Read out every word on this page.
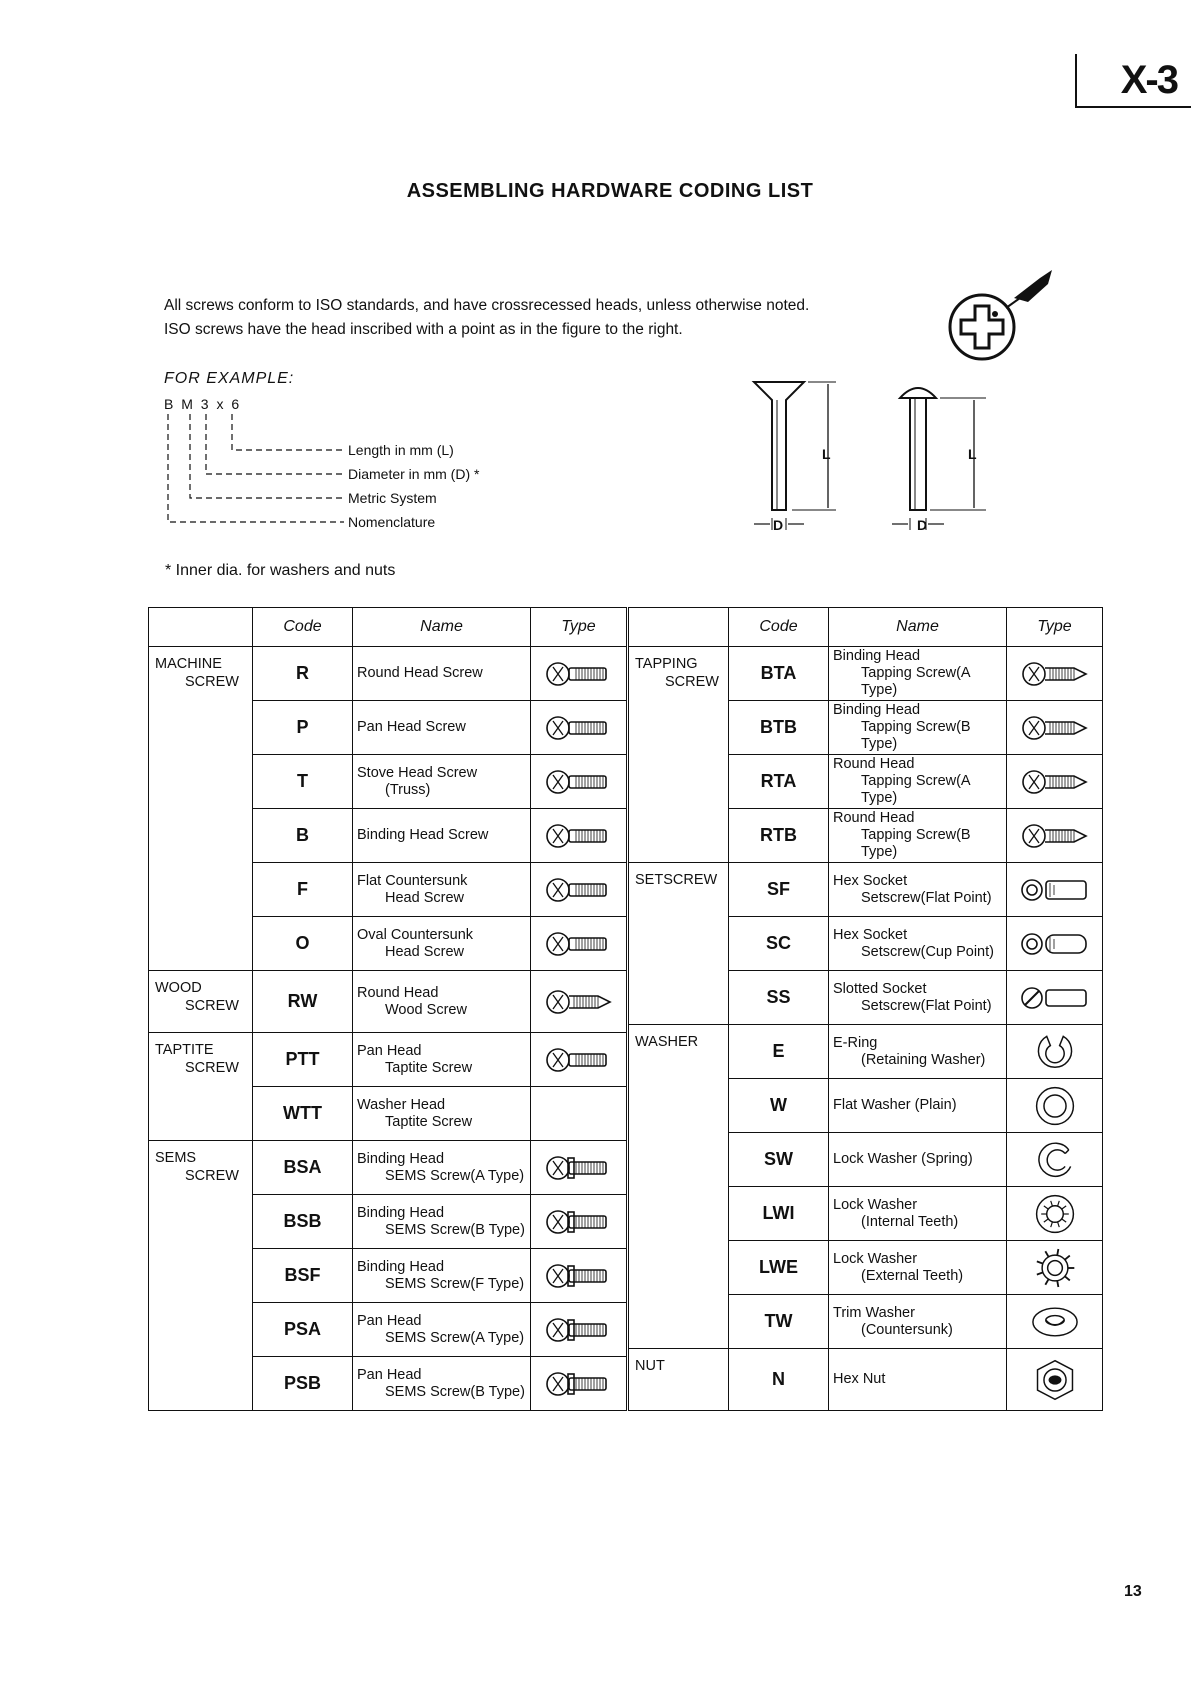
X-3
ASSEMBLING HARDWARE CODING LIST
All screws conform to ISO standards, and have crossrecessed heads, unless otherwise noted.
ISO screws have the head inscribed with a point as in the figure to the right.
FOR EXAMPLE:
B M 3 x 6
Length in mm (L)
Diameter in mm (D) *
Metric System
Nomenclature
L	L
D	D
* Inner dia. for washers and nuts
	Code	Name	Type

MACHINE
SCREW	R	Round Head Screw

	P	Pan Head Screw

	T	Stove Head Screw
(Truss)

	B	Binding Head Screw

	F	Flat Countersunk
Head Screw

	O	Oval Countersunk
Head Screw

WOOD
SCREW	RW	Round Head
Wood Screw

TAPTITE
SCREW	PTT	Pan Head
Taptite Screw

	WTT	Washer Head
Taptite Screw

SEMS
SCREW	BSA	Binding Head
SEMS Screw(A Type)

	BSB	Binding Head
SEMS Screw(B Type)

	BSF	Binding Head
SEMS Screw(F Type)

	PSA	Pan Head
SEMS Screw(A Type)

	PSB	Pan Head
SEMS Screw(B Type)

	Code	Name	Type

TAPPING
SCREW	BTA	Binding Head
Tapping Screw(A Type)

	BTB	Binding Head
Tapping Screw(B Type)

	RTA	Round Head
Tapping Screw(A Type)

	RTB	Round Head
Tapping Screw(B Type)

SETSCREW	SF	Hex Socket
Setscrew(Flat Point)

	SC	Hex Socket
Setscrew(Cup Point)

	SS	Slotted Socket
Setscrew(Flat Point)

WASHER	E	E-Ring
(Retaining Washer)

	W	Flat Washer (Plain)

	SW	Lock Washer (Spring)

	LWI	Lock Washer
(Internal Teeth)

	LWE	Lock Washer
(External Teeth)

	TW	Trim Washer
(Countersunk)

NUT	N	Hex Nut

13
